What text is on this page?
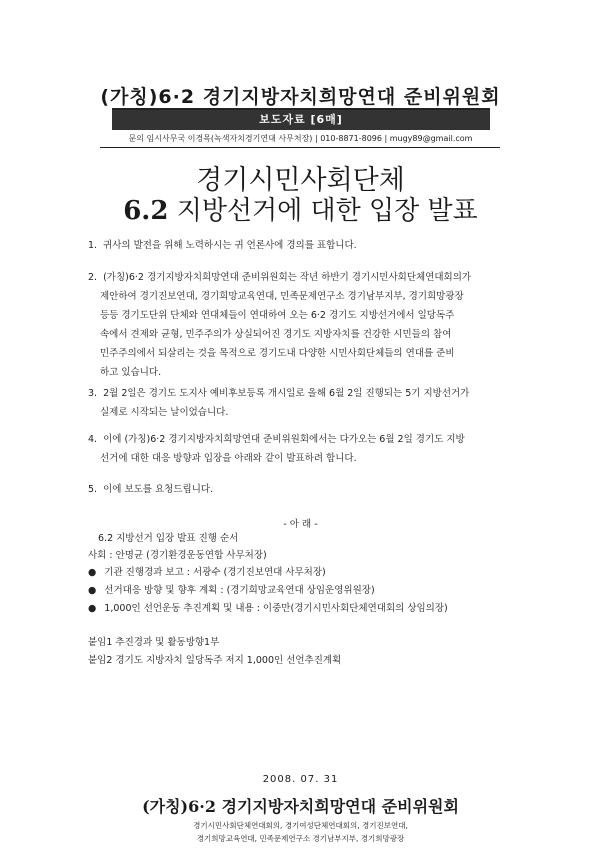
(가칭)6·2 경기지방자치희망연대 준비위원회
보도자료 [6매]
문의 임시사무국 이경목(녹색자치경기연대 사무처장) | 010-8871-8096 | mugy89@gmail.com
경기시민사회단체
6.2 지방선거에 대한 입장 발표
1. 귀사의 발전을 위해 노력하시는 귀 언론사에 경의를 표합니다.
2. (가칭)6·2 경기지방자치희망연대 준비위원회는 작년 하반기 경기시민사회단체연대회의가
제안하여 경기진보연대, 경기희망교육연대, 민족문제연구소 경기남부지부, 경기희망광장
등등 경기도단위 단체와 연대체들이 연대하여 오는 6·2 경기도 지방선거에서 일당독주
속에서 견제와 균형, 민주주의가 상실되어진 경기도 지방자치를 건강한 시민들의 참여
민주주의에서 되살리는 것을 목적으로 경기도내 다양한 시민사회단체들의 연대를 준비
하고 있습니다.
3. 2월 2일은 경기도 도지사 예비후보등록 개시일로 올해 6월 2일 진행되는 5기 지방선거가
실제로 시작되는 날이었습니다.
4. 이에 (가칭)6·2 경기지방자치희망연대 준비위원회에서는 다가오는 6월 2일 경기도 지방
선거에 대한 대응 방향과 입장을 아래와 같이 발표하려 합니다.
5. 이에 보도를 요청드립니다.
- 아 래 -
6.2 지방선거 입장 발표 진행 순서
사회 : 안명균 (경기환경운동연합 사무처장)
● 기관 진행경과 보고 : 서광수 (경기진보연대 사무처장)
● 선거대응 방향 및 향후 계획 : (경기희망교육연대 상임운영위원장)
● 1,000인 선언운동 추진계획 및 내용 : 이중만(경기시민사회단체연대회의 상임의장)
붙임1 추진경과 및 활동방향1부
붙임2 경기도 지방자치 일당독주 저지 1,000인 선언추진계획
2008. 07. 31
(가칭)6·2 경기지방자치희망연대 준비위원회
경기시민사회단체연대회의, 경기여성단체연대회의, 경기진보연대,
경기희망교육연대, 민족문제연구소 경기남부지부, 경기희망광장
